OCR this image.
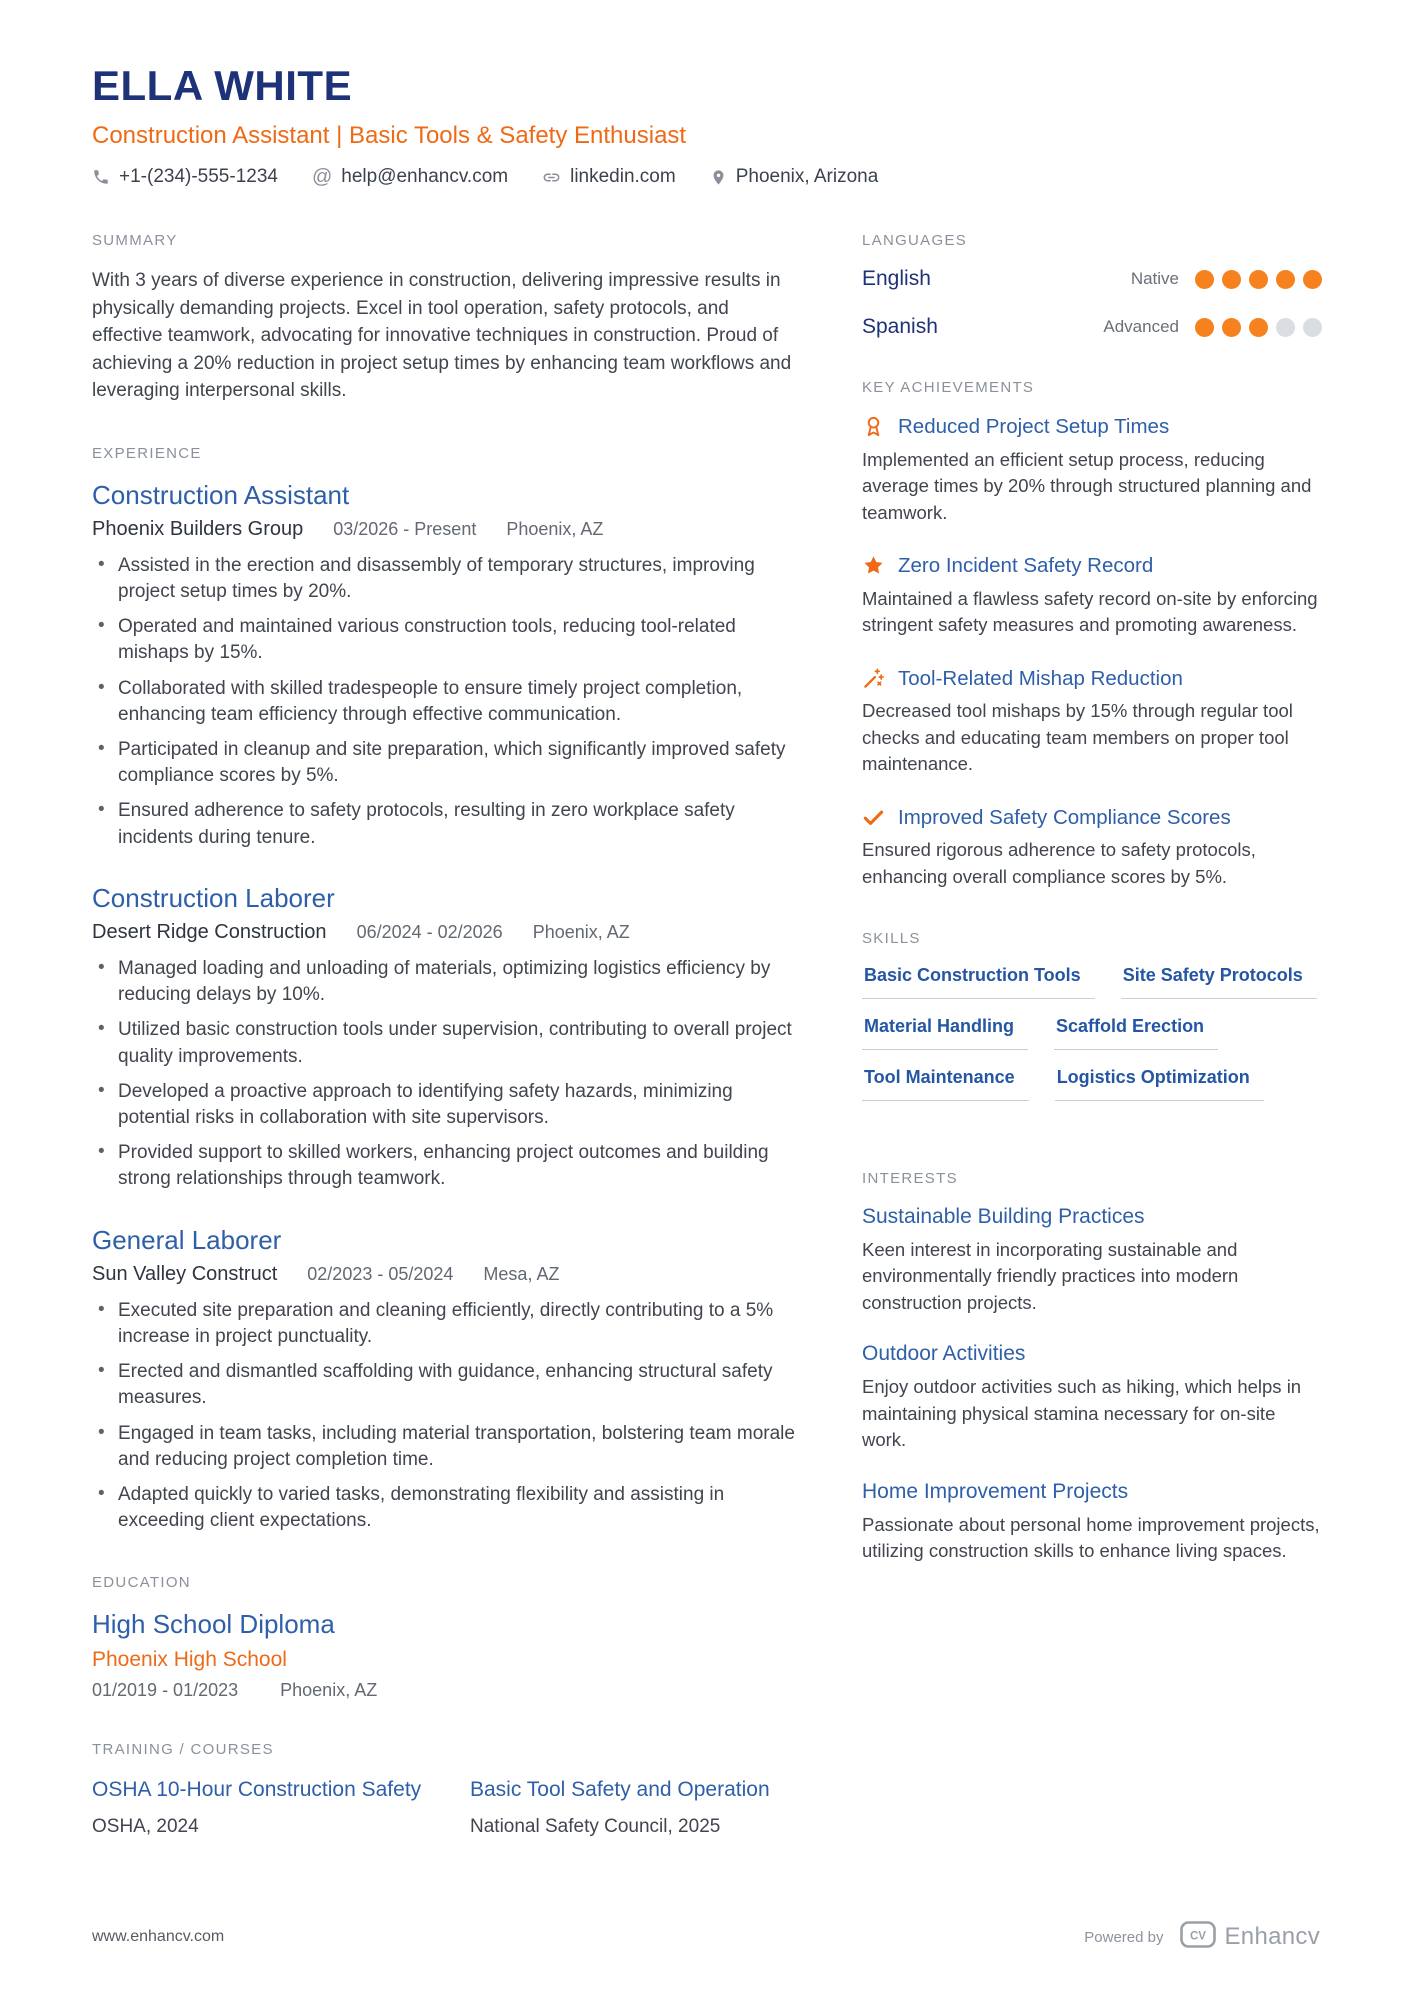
ELLA WHITE
Construction Assistant | Basic Tools & Safety Enthusiast
+1-(234)-555-1234 @ help@enhancv.com	linkedin.com	Phoenix, Arizona
SUMMARY

With 3 years of diverse experience in construction, delivering impressive results in physically demanding projects. Excel in tool operation, safety protocols, and effective teamwork, advocating for innovative techniques in construction. Proud of achieving a 20% reduction in project setup times by enhancing team workflows and leveraging interpersonal skills.

EXPERIENCE
Construction Assistant
Phoenix Builders Group 03/2026 - Present Phoenix, AZ
• Assisted in the erection and disassembly of temporary structures, improving project setup times by 20%.
• Operated and maintained various construction tools, reducing tool-related mishaps by 15%.
• Collaborated with skilled tradespeople to ensure timely project completion, enhancing team efficiency through effective communication.
• Participated in cleanup and site preparation, which significantly improved safety compliance scores by 5%.
• Ensured adherence to safety protocols, resulting in zero workplace safety incidents during tenure.
Construction Laborer
Desert Ridge Construction 06/2024 - 02/2026 Phoenix, AZ
• Managed loading and unloading of materials, optimizing logistics efficiency by reducing delays by 10%.
• Utilized basic construction tools under supervision, contributing to overall project quality improvements.
• Developed a proactive approach to identifying safety hazards, minimizing potential risks in collaboration with site supervisors.
• Provided support to skilled workers, enhancing project outcomes and building strong relationships through teamwork.
General Laborer
Sun Valley Construct 02/2023 - 05/2024 Mesa, AZ
• Executed site preparation and cleaning efficiently, directly contributing to a 5% increase in project punctuality.
• Erected and dismantled scaffolding with guidance, enhancing structural safety measures.
• Engaged in team tasks, including material transportation, bolstering team morale and reducing project completion time.
• Adapted quickly to varied tasks, demonstrating flexibility and assisting in exceeding client expectations.
EDUCATION
High School Diploma
Phoenix High School
01/2019 - 01/2023 Phoenix, AZ
TRAINING / COURSES
OSHA 10-Hour Construction Safety
OSHA, 2024
Basic Tool Safety and Operation
National Safety Council, 2025
LANGUAGES
English	Native
Spanish	Advanced
KEY ACHIEVEMENTS
Reduced Project Setup Times

Implemented an efficient setup process, reducing average times by 20% through structured planning and teamwork.

Zero Incident Safety Record

Maintained a flawless safety record on-site by enforcing stringent safety measures and promoting awareness.

Tool-Related Mishap Reduction

Decreased tool mishaps by 15% through regular tool checks and educating team members on proper tool maintenance.

Improved Safety Compliance Scores

Ensured rigorous adherence to safety protocols, enhancing overall compliance scores by 5%.

SKILLS
Basic Construction Tools	Site Safety Protocols
Material Handling	Scaffold Erection
Tool Maintenance	Logistics Optimization
INTERESTS
Sustainable Building Practices

Keen interest in incorporating sustainable and environmentally friendly practices into modern construction projects.

Outdoor Activities

Enjoy outdoor activities such as hiking, which helps in maintaining physical stamina necessary for on-site work.

Home Improvement Projects

Passionate about personal home improvement projects, utilizing construction skills to enhance living spaces.

www.enhancv.com	Powered by CV Enhancv
